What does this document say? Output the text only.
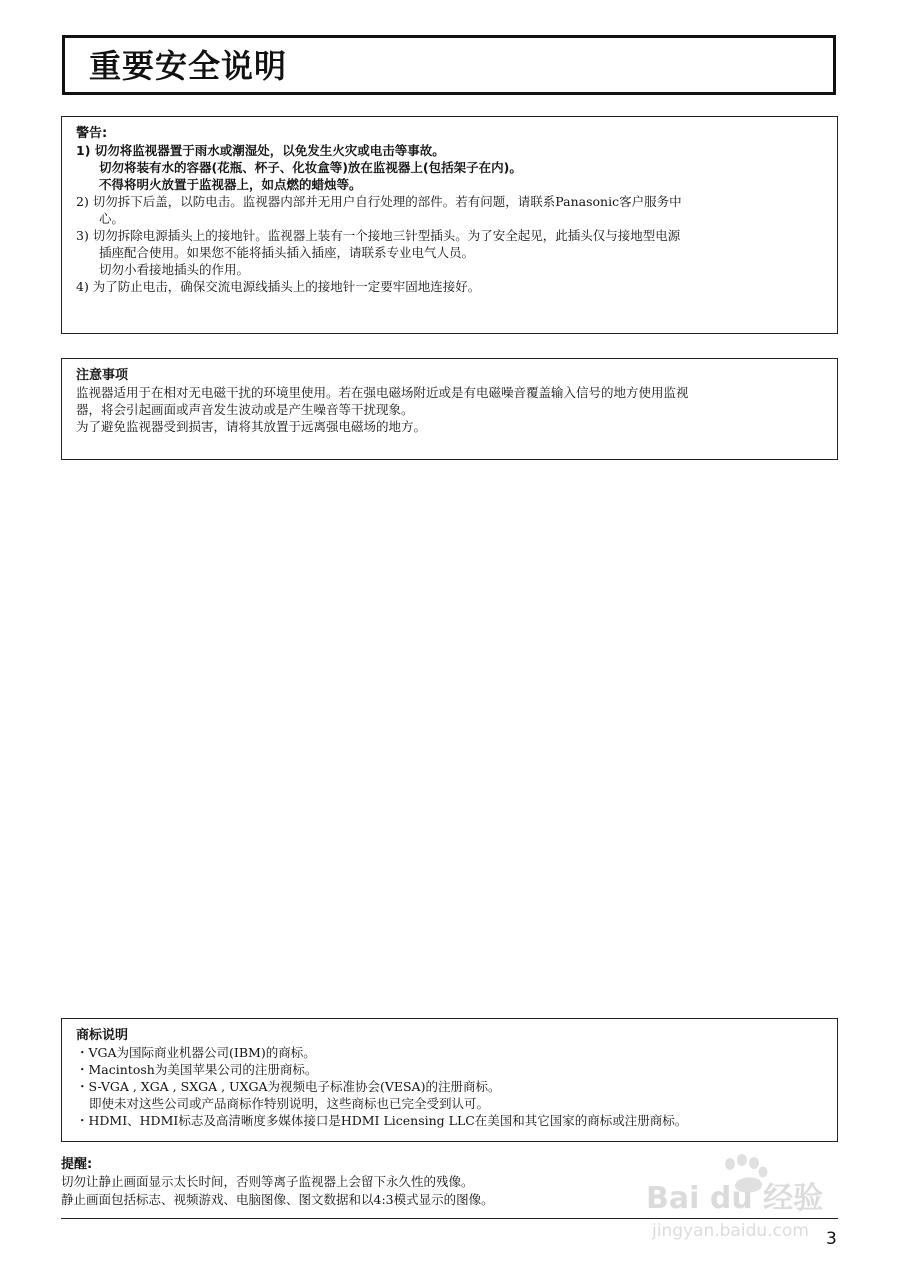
重要安全说明
警告:
1) 切勿将监视器置于雨水或潮湿处，以免发生火灾或电击等事故。
切勿将装有水的容器(花瓶、杯子、化妆盒等)放在监视器上(包括架子在内)。
不得将明火放置于监视器上，如点燃的蜡烛等。
2) 切勿拆下后盖，以防电击。监视器内部并无用户自行处理的部件。若有问题，请联系Panasonic客户服务中
心。
3) 切勿拆除电源插头上的接地针。监视器上装有一个接地三针型插头。为了安全起见，此插头仅与接地型电源
插座配合使用。如果您不能将插头插入插座，请联系专业电气人员。
切勿小看接地插头的作用。
4) 为了防止电击，确保交流电源线插头上的接地针一定要牢固地连接好。
注意事项
监视器适用于在相对无电磁干扰的环境里使用。若在强电磁场附近或是有电磁噪音覆盖输入信号的地方使用监视
器，将会引起画面或声音发生波动或是产生噪音等干扰现象。
为了避免监视器受到损害，请将其放置于远离强电磁场的地方。
商标说明
・VGA为国际商业机器公司(IBM)的商标。
・Macintosh为美国苹果公司的注册商标。
・S-VGA , XGA , SXGA , UXGA为视频电子标准协会(VESA)的注册商标。
即使未对这些公司或产品商标作特别说明，这些商标也已完全受到认可。
・HDMI、HDMI标志及高清晰度多媒体接口是HDMI Licensing LLC在美国和其它国家的商标或注册商标。
提醒:
切勿让静止画面显示太长时间，否则等离子监视器上会留下永久性的残像。
静止画面包括标志、视频游戏、电脑图像、图文数据和以4:3模式显示的图像。
3
Bai du 经验
jingyan.baidu.com
